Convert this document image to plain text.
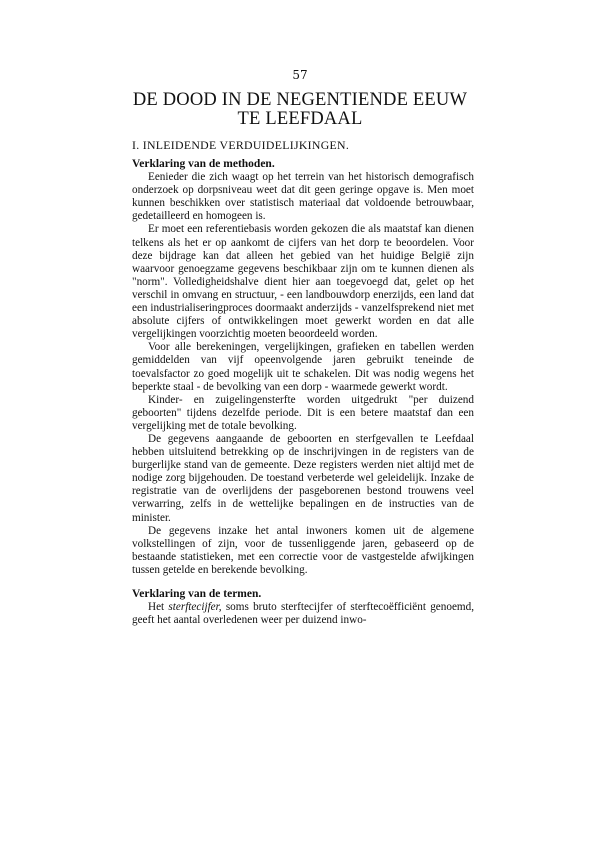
57
DE DOOD IN DE NEGENTIENDE EEUW
TE LEEFDAAL
I. INLEIDENDE VERDUIDELIJKINGEN.
Verklaring van de methoden.

Eenieder die zich waagt op het terrein van het historisch demografisch onderzoek op dorpsniveau weet dat dit geen geringe opgave is. Men moet kunnen beschikken over statistisch materiaal dat voldoende betrouwbaar, gedetailleerd en homogeen is.

Er moet een referentiebasis worden gekozen die als maatstaf kan dienen telkens als het er op aankomt de cijfers van het dorp te beoordelen. Voor deze bijdrage kan dat alleen het gebied van het huidige België zijn waarvoor genoegzame gegevens beschikbaar zijn om te kunnen dienen als "norm". Volledigheidshalve dient hier aan toegevoegd dat, gelet op het verschil in omvang en structuur, - een landbouwdorp enerzijds, een land dat een industrialiseringproces doormaakt anderzijds - vanzelfsprekend niet met absolute cijfers of ontwikkelingen moet gewerkt worden en dat alle vergelijkingen voorzichtig moeten beoordeeld worden.

Voor alle berekeningen, vergelijkingen, grafieken en tabellen werden gemiddelden van vijf opeenvolgende jaren gebruikt teneinde de toevalsfactor zo goed mogelijk uit te schakelen. Dit was nodig wegens het beperkte staal - de bevolking van een dorp - waarmede gewerkt wordt.

Kinder- en zuigelingensterfte worden uitgedrukt "per duizend geboorten" tijdens dezelfde periode. Dit is een betere maatstaf dan een vergelijking met de totale bevolking.

De gegevens aangaande de geboorten en sterfgevallen te Leefdaal hebben uitsluitend betrekking op de inschrijvingen in de registers van de burgerlijke stand van de gemeente. Deze registers werden niet altijd met de nodige zorg bijgehouden. De toestand verbeterde wel geleidelijk. Inzake de registratie van de overlijdens der pasgeborenen bestond trouwens veel verwarring, zelfs in de wettelijke bepalingen en de instructies van de minister.

De gegevens inzake het antal inwoners komen uit de algemene volkstellingen of zijn, voor de tussenliggende jaren, gebaseerd op de bestaande statistieken, met een correctie voor de vastgestelde afwijkingen tussen getelde en berekende bevolking.

Verklaring van de termen.

Het sterftecijfer, soms bruto sterftecijfer of sterftecoëfficiënt genoemd, geeft het aantal overledenen weer per duizend inwo-
